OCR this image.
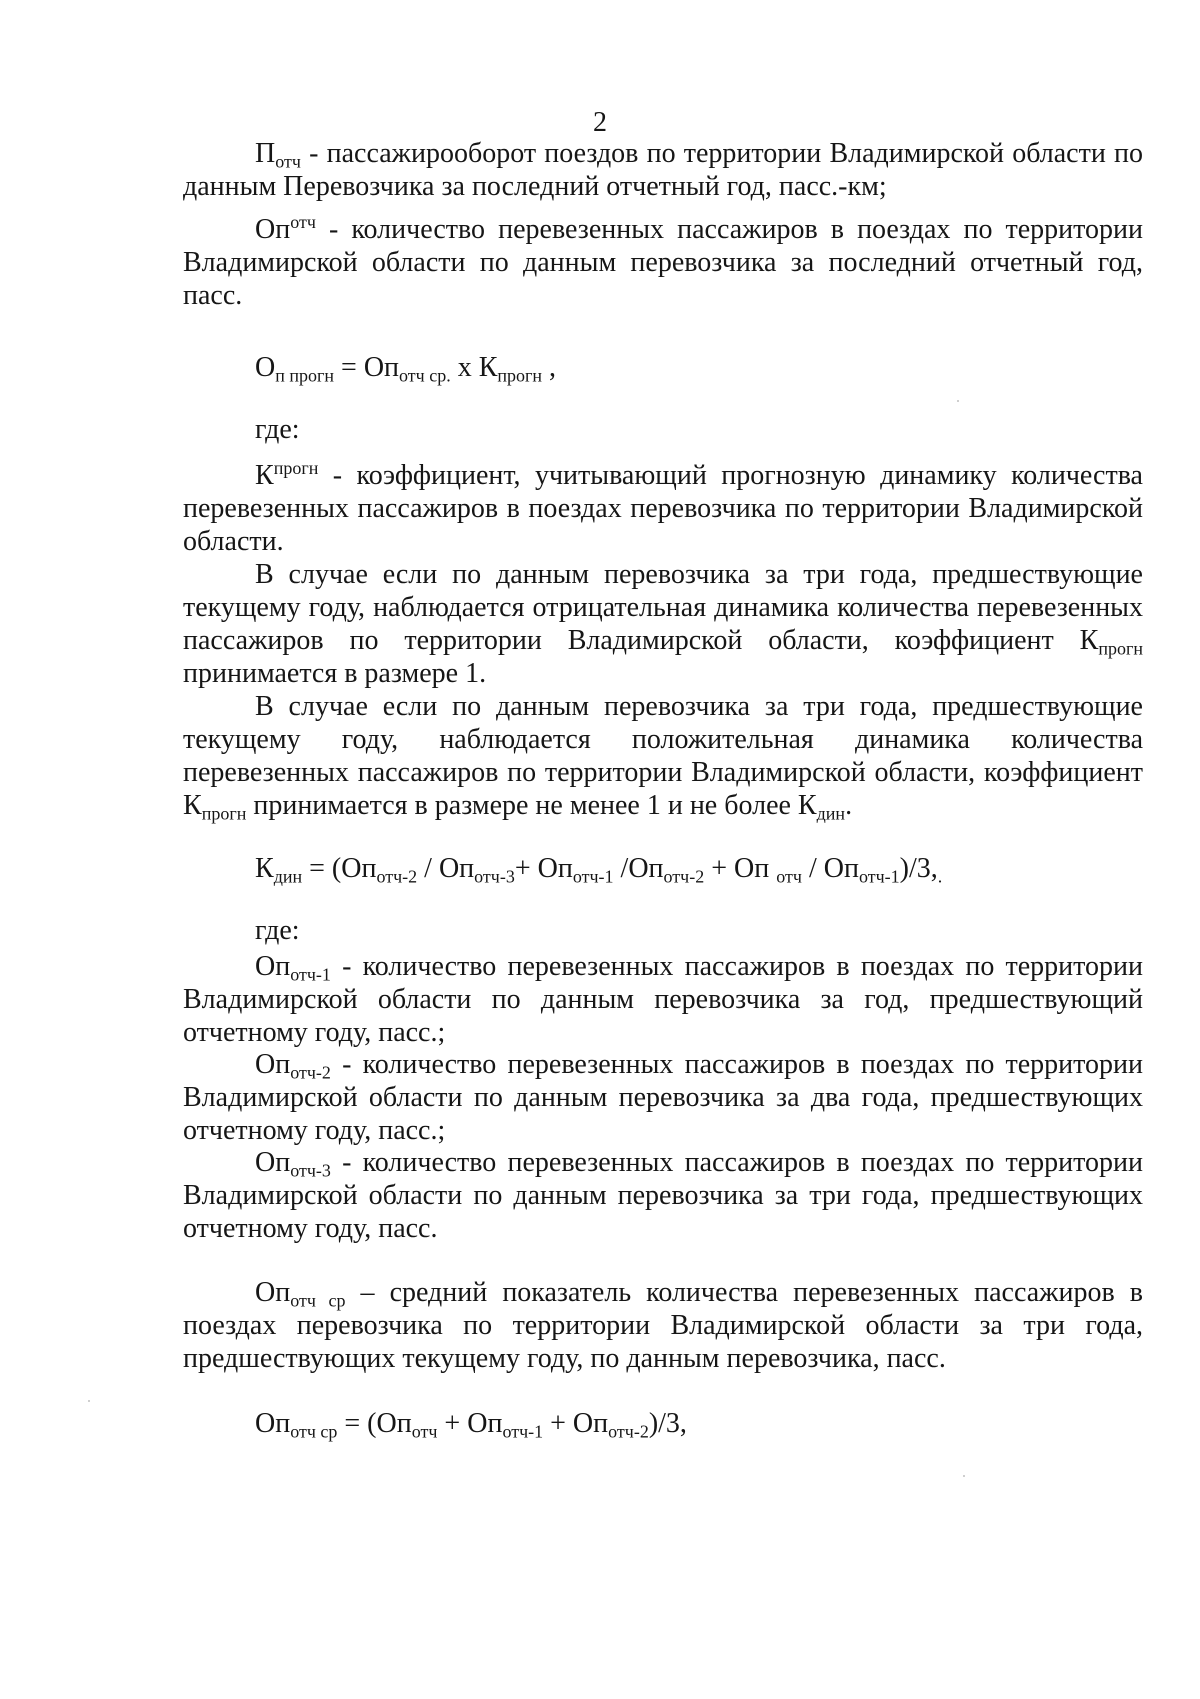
2
$П_{отч}$ - пассажирооборот поездов по территории Владимирской области по данным Перевозчика за последний отчетный год, пасс.-км;
$Оп^{отч}$ - количество перевезенных пассажиров в поездах по территории Владимирской области по данным перевозчика за последний отчетный год, пасс.
$О_{п прогн} = Оп_{отч ср.}$ x $К_{прогн}$ ,
где:
$К^{прогн}$ - коэффициент, учитывающий прогнозную динамику количества перевезенных пассажиров в поездах перевозчика по территории Владимирской области.
В случае если по данным перевозчика за три года, предшествующие текущему году, наблюдается отрицательная динамика количества перевезенных пассажиров по территории Владимирской области, коэффициент $К_{прогн}$ принимается в размере 1.
В случае если по данным перевозчика за три года, предшествующие текущему году, наблюдается положительная динамика количества перевезенных пассажиров по территории Владимирской области, коэффициент $К_{прогн}$ принимается в размере не менее 1 и не более $К_{дин}$.
$К_{дин} = (Оп_{отч-2} / Оп_{отч-3}+ Оп_{отч-1}$ $/Оп_{отч-2}$ + Оп $_{отч} / Оп_{отч-1})/3,_.$
где:
$Оп_{отч-1}$ - количество перевезенных пассажиров в поездах по территории Владимирской области по данным перевозчика за год, предшествующий отчетному году, пасс.;
$Оп_{отч-2}$ - количество перевезенных пассажиров в поездах по территории Владимирской области по данным перевозчика за два года, предшествующих отчетному году, пасс.;
$Оп_{отч-3}$ - количество перевезенных пассажиров в поездах по территории Владимирской области по данным перевозчика за три года, предшествующих отчетному году, пасс.
$Оп_{отч ср}$ – средний показатель количества перевезенных пассажиров в поездах перевозчика по территории Владимирской области за три года, предшествующих текущему году, по данным перевозчика, пасс.
$Оп_{отч ср} = (Оп_{отч} + Оп_{отч-1} + Оп_{отч-2})/3$,
